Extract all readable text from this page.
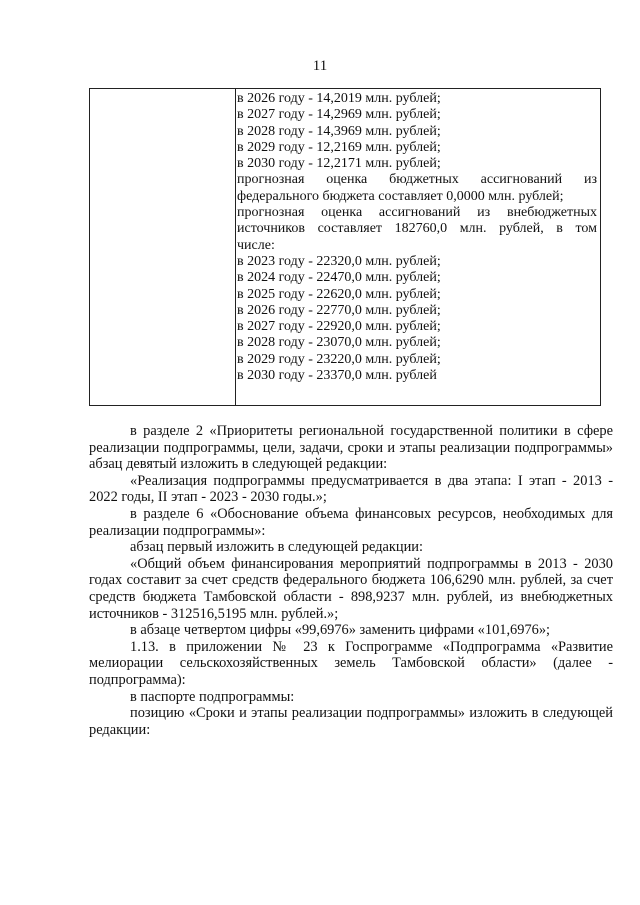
11
в 2026 году - 14,2019 млн. рублей;
в 2027 году - 14,2969 млн. рублей;
в 2028 году - 14,3969 млн. рублей;
в 2029 году - 12,2169 млн. рублей;
в 2030 году - 12,2171 млн. рублей;
прогнозная оценка бюджетных ассигнований из
федерального бюджета составляет 0,0000 млн. рублей;
прогнозная оценка ассигнований из внебюджетных
источников составляет 182760,0 млн. рублей, в том
числе:
в 2023 году - 22320,0 млн. рублей;
в 2024 году - 22470,0 млн. рублей;
в 2025 году - 22620,0 млн. рублей;
в 2026 году - 22770,0 млн. рублей;
в 2027 году - 22920,0 млн. рублей;
в 2028 году - 23070,0 млн. рублей;
в 2029 году - 23220,0 млн. рублей;
в 2030 году - 23370,0 млн. рублей

в разделе 2 «Приоритеты региональной государственной политики в сфере реализации подпрограммы, цели, задачи, сроки и этапы реализации подпрограммы» абзац девятый изложить в следующей редакции:

«Реализация подпрограммы предусматривается в два этапа: I этап - 2013 - 2022 годы, II этап - 2023 - 2030 годы.»;

в разделе 6 «Обоснование объема финансовых ресурсов, необходимых для реализации подпрограммы»:

абзац первый изложить в следующей редакции:

«Общий объем финансирования мероприятий подпрограммы в 2013 - 2030 годах составит за счет средств федерального бюджета 106,6290 млн. рублей, за счет средств бюджета Тамбовской области - 898,9237 млн. рублей, из внебюджетных источников - 312516,5195 млн. рублей.»;

в абзаце четвертом цифры «99,6976» заменить цифрами «101,6976»;

1.13. в приложении № 23 к Госпрограмме «Подпрограмма «Развитие мелиорации сельскохозяйственных земель Тамбовской области» (далее - подпрограмма):

в паспорте подпрограммы:

позицию «Сроки и этапы реализации подпрограммы» изложить в следующей редакции:
